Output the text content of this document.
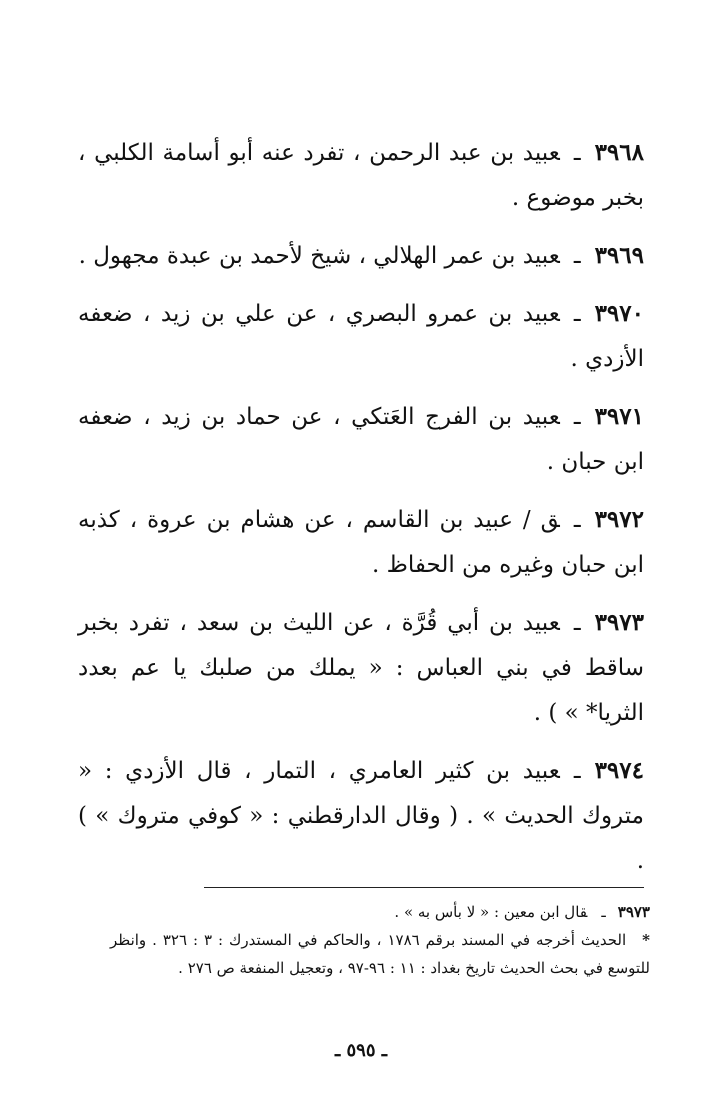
٣٩٦٨ـعبيد بن عبد الرحمن ، تفرد عنه أبو أسامة الكلبي ، بخبر موضوع .

٣٩٦٩ـعبيد بن عمر الهلالي ، شيخ لأحمد بن عبدة مجهول .

٣٩٧٠ـعبيد بن عمرو البصري ، عن علي بن زيد ، ضعفه الأزدي .

٣٩٧١ـعبيد بن الفرج العَتكي ، عن حماد بن زيد ، ضعفه ابن حبان .

٣٩٧٢ـق / عبيد بن القاسم ، عن هشام بن عروة ، كذبه ابن حبان وغيره من الحفاظ .

٣٩٧٣ـعبيد بن أبي قُرَّة ، عن الليث بن سعد ، تفرد بخبر ساقط في بني العباس : « يملك من صلبك يا عم بعدد الثريا* » ) .

٣٩٧٤ـعبيد بن كثير العامري ، التمار ، قال الأزدي : « متروك الحديث » . ( وقال الدارقطني : « كوفي متروك » ) .

٣٩٧٣ـقال ابن معين : « لا بأس به » .

*الحديث أخرجه في المسند برقم ١٧٨٦ ، والحاكم في المستدرك : ٣ : ٣٢٦ . وانظر للتوسع في بحث الحديث تاريخ بغداد : ١١ : ٩٦-٩٧ ، وتعجيل المنفعة ص ٢٧٦ .

ـ ٥٩٥ ـ
